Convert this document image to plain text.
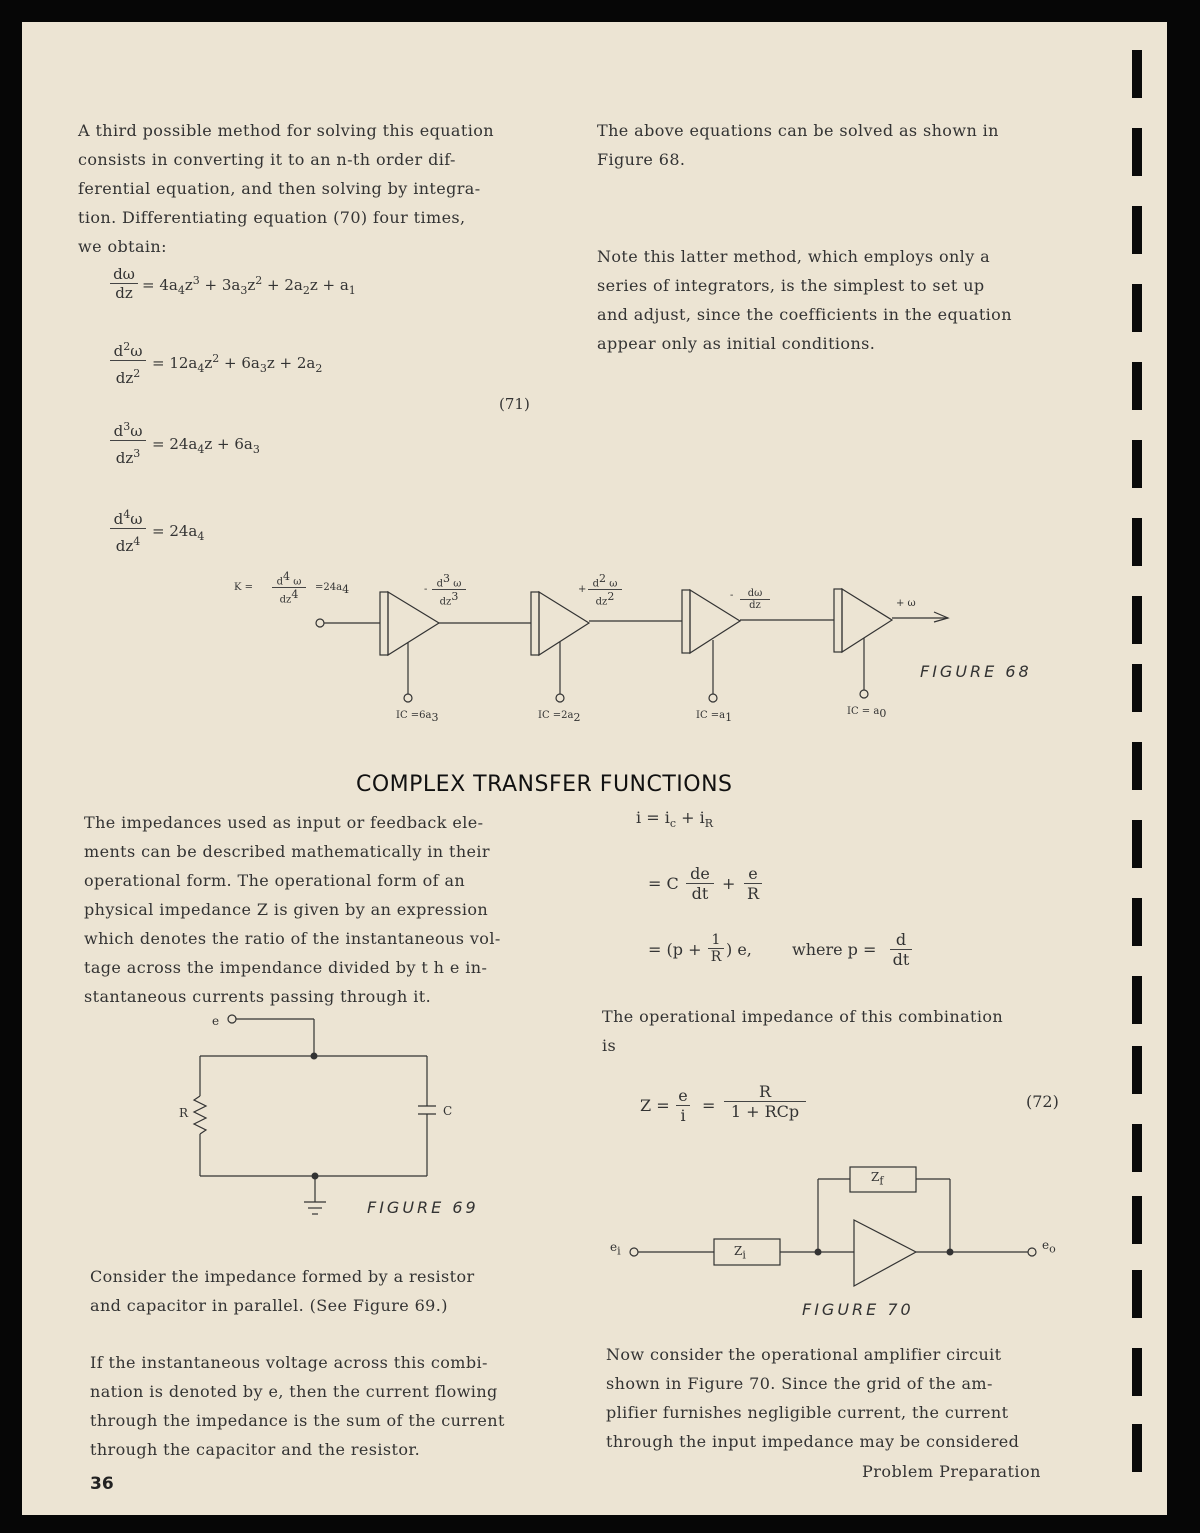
A third possible method for solving this equation
consists in converting it to an n-th order dif-
ferential equation, and then solving by integra-
tion. Differentiating equation (70) four times,
we obtain:
$\frac{d\omega}{dz} = 4a_4z^3 + 3a_3z^2 + 2a_2z + a_1$
$\frac{d^2\omega}{dz^2} = 12a_4z^2 + 6a_3z + 2a_2$
(71)
$\frac{d^3\omega}{dz^3} = 24a_4z + 6a_3$
$\frac{d^4\omega}{dz^4} = 24a_4$
The above equations can be solved as shown in
Figure 68.
Note this latter method, which employs only a
series of integrators, is the simplest to set up
and adjust, since the coefficients in the equation
appear only as initial conditions.
$K = \frac{d^4 \omega}{dz^4} =24a_4$	- $\frac{d^3 \omega}{dz^3}$	+ $\frac{d^2 \omega}{dz^2}$	- $\frac{d\omega}{dz}$	+ ω
IC $=6a_3$	IC $=2a_2$	IC $=a_1$	IC = $a_0$
FIGURE 68
COMPLEX TRANSFER FUNCTIONS
The impedances used as input or feedback ele-
ments can be described mathematically in their
operational form. The operational form of an
physical impedance Z is given by an expression
which denotes the ratio of the instantaneous vol-
tage across the impendance divided by t h e in-
stantaneous currents passing through it.
$i = i_c + i_R$
= C $\frac{de}{dt} + \frac{e}{R}$
= ($p + \frac{1}{R}$ ) e,	where $p = \frac{d}{dt}$
The operational impedance of this combination
is
$Z = \frac{e}{i}$ =
R
1 + RCp
(72)
e
R	C
FIGURE 69
$Z_f$
$Z_i$
$e_i$	$e_o$
FIGURE 70
Consider the impedance formed by a resistor
and capacitor in parallel. (See Figure 69.)
If the instantaneous voltage across this combi-
nation is denoted by e, then the current flowing
through the impedance is the sum of the current
through the capacitor and the resistor.
Now consider the operational amplifier circuit
shown in Figure 70. Since the grid of the am-
plifier furnishes negligible current, the current
through the input impedance may be considered
36
Problem Preparation
